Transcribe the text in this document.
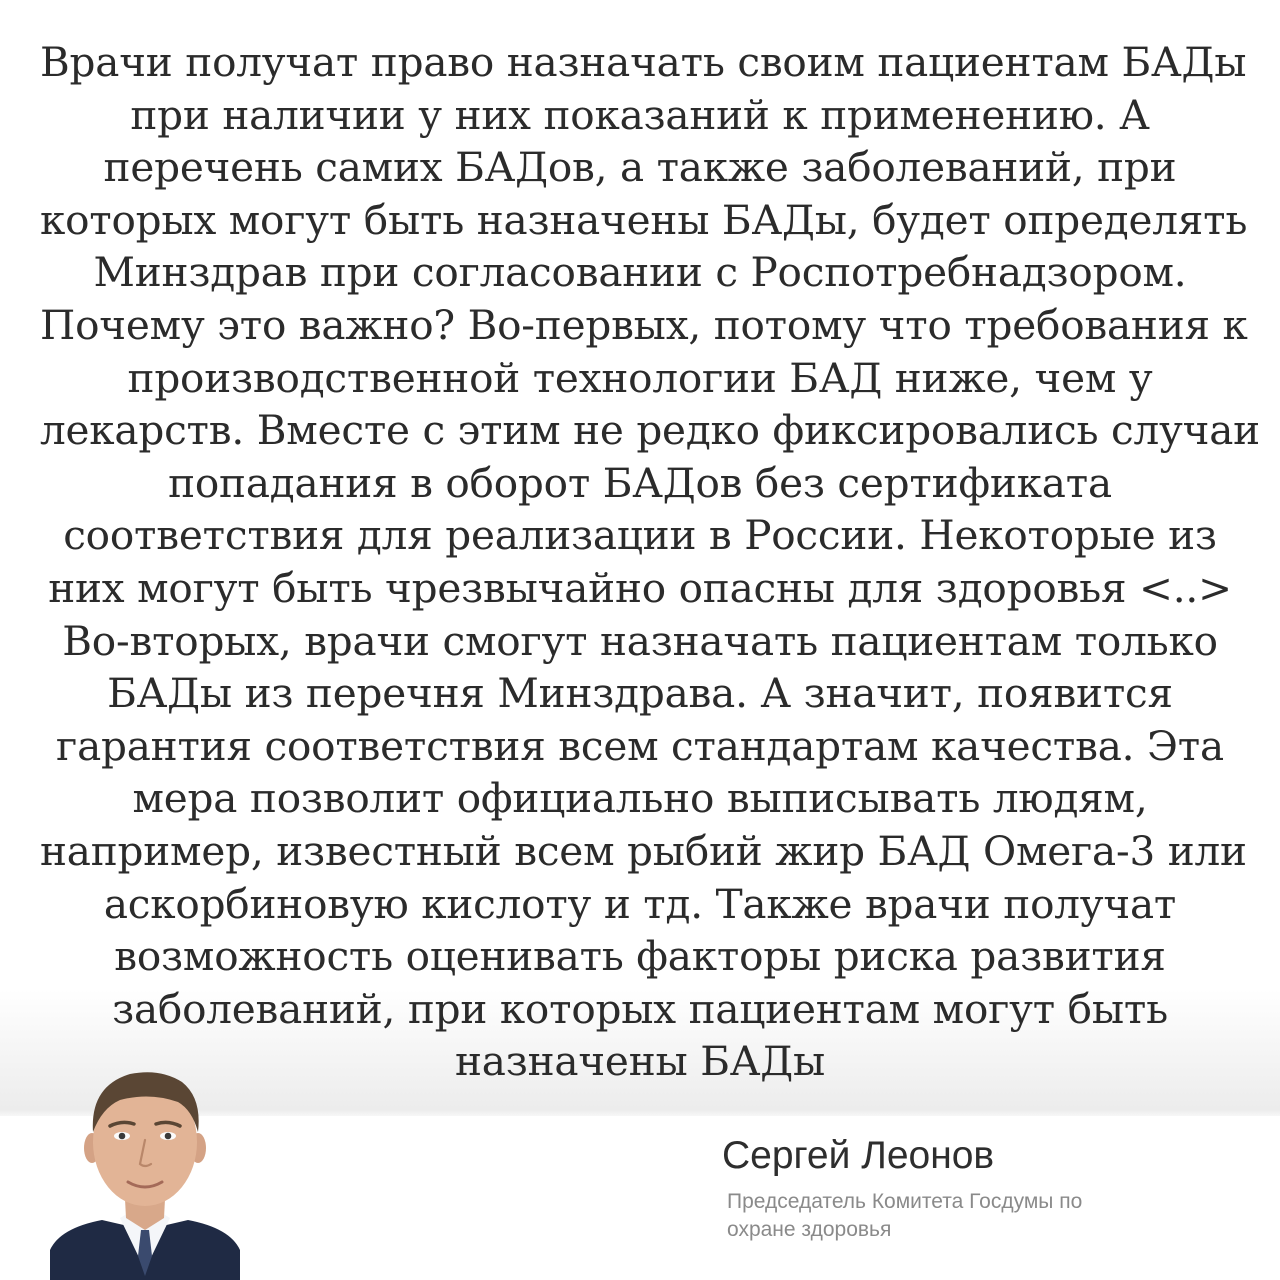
Врачи получат право назначать своим пациентам БАДы
при наличии у них показаний к применению. А
перечень самих БАДов, а также заболеваний, при
которых могут быть назначены БАДы, будет определять
Минздрав при согласовании с Роспотребнадзором.
Почему это важно? Во-первых, потому что требования к
производственной технологии БАД ниже, чем у
лекарств. Вместе с этим не редко фиксировались случаи
попадания в оборот БАДов без сертификата
соответствия для реализации в России. Некоторые из
них могут быть чрезвычайно опасны для здоровья <..>
Во-вторых, врачи смогут назначать пациентам только
БАДы из перечня Минздрава. А значит, появится
гарантия соответствия всем стандартам качества. Эта
мера позволит официально выписывать людям,
например, известный всем рыбий жир БАД Омега-3 или
аскорбиновую кислоту и тд. Также врачи получат
возможность оценивать факторы риска развития
заболеваний, при которых пациентам могут быть
назначены БАДы
Сергей Леонов
Председатель Комитета Госдумы по
охране здоровья
